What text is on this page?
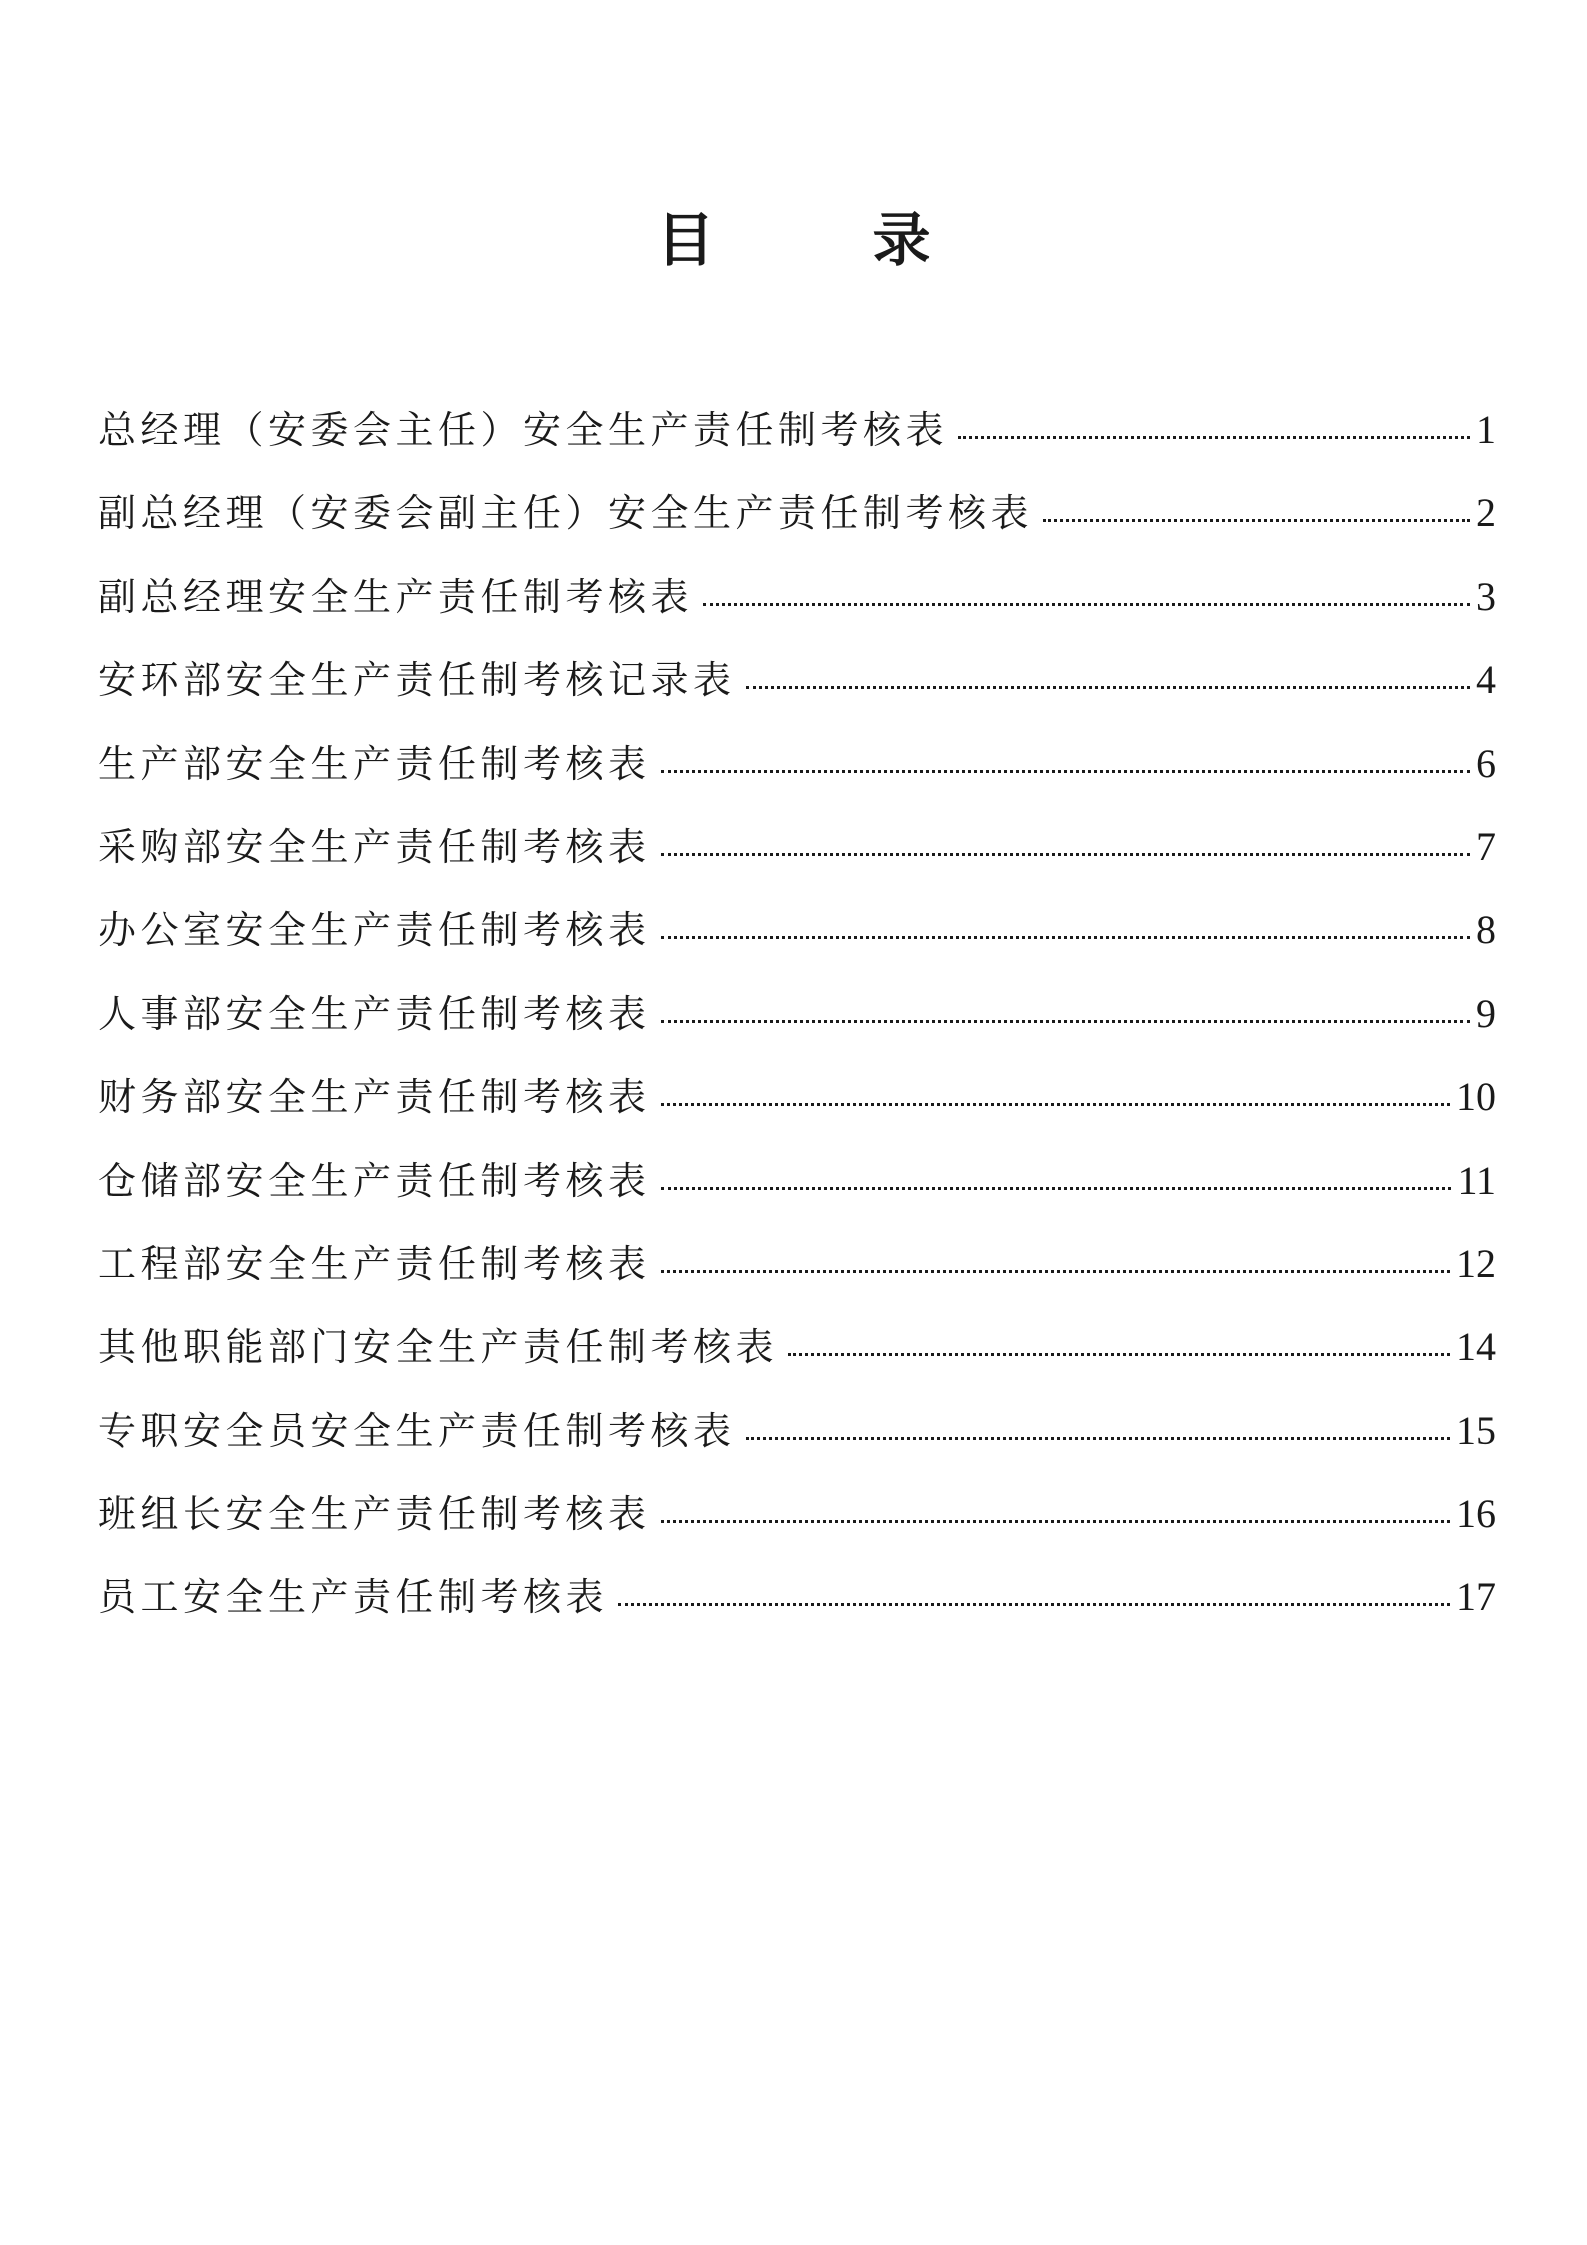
目　录
总经理（安委会主任）安全生产责任制考核表	1
副总经理（安委会副主任）安全生产责任制考核表	2
副总经理安全生产责任制考核表	3
安环部安全生产责任制考核记录表	4
生产部安全生产责任制考核表	6
采购部安全生产责任制考核表	7
办公室安全生产责任制考核表	8
人事部安全生产责任制考核表	9
财务部安全生产责任制考核表	10
仓储部安全生产责任制考核表	11
工程部安全生产责任制考核表	12
其他职能部门安全生产责任制考核表	14
专职安全员安全生产责任制考核表	15
班组长安全生产责任制考核表	16
员工安全生产责任制考核表	17
